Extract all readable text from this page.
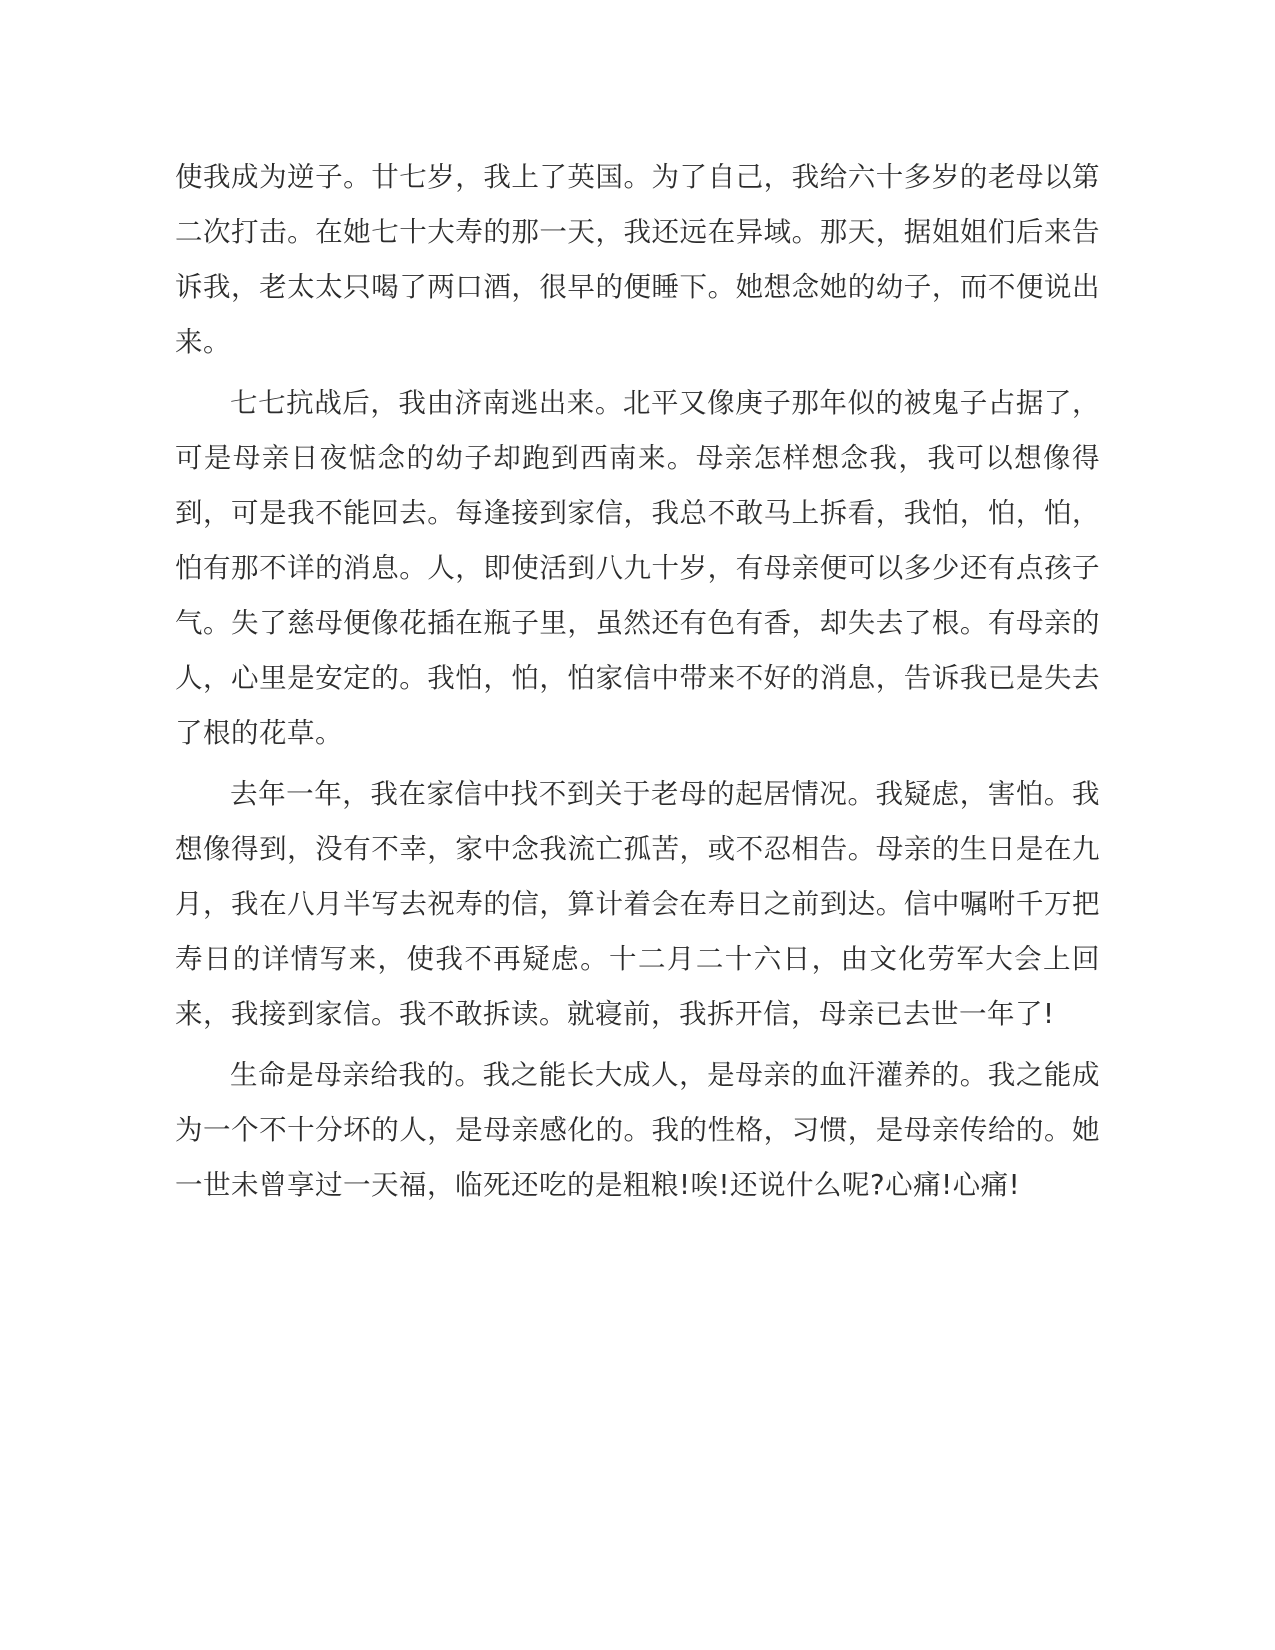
使我成为逆子。廿七岁，我上了英国。为了自己，我给六十多岁的老母以第二次打击。在她七十大寿的那一天，我还远在异域。那天，据姐姐们后来告诉我，老太太只喝了两口酒，很早的便睡下。她想念她的幼子，而不便说出来。

七七抗战后，我由济南逃出来。北平又像庚子那年似的被鬼子占据了，可是母亲日夜惦念的幼子却跑到西南来。母亲怎样想念我，我可以想像得到，可是我不能回去。每逢接到家信，我总不敢马上拆看，我怕，怕，怕，怕有那不详的消息。人，即使活到八九十岁，有母亲便可以多少还有点孩子气。失了慈母便像花插在瓶子里，虽然还有色有香，却失去了根。有母亲的人，心里是安定的。我怕，怕，怕家信中带来不好的消息，告诉我已是失去了根的花草。

去年一年，我在家信中找不到关于老母的起居情况。我疑虑，害怕。我想像得到，没有不幸，家中念我流亡孤苦，或不忍相告。母亲的生日是在九月，我在八月半写去祝寿的信，算计着会在寿日之前到达。信中嘱咐千万把寿日的详情写来，使我不再疑虑。十二月二十六日，由文化劳军大会上回来，我接到家信。我不敢拆读。就寝前，我拆开信，母亲已去世一年了!

生命是母亲给我的。我之能长大成人，是母亲的血汗灌养的。我之能成为一个不十分坏的人，是母亲感化的。我的性格，习惯，是母亲传给的。她一世未曾享过一天福，临死还吃的是粗粮!唉!还说什么呢?心痛!心痛!
